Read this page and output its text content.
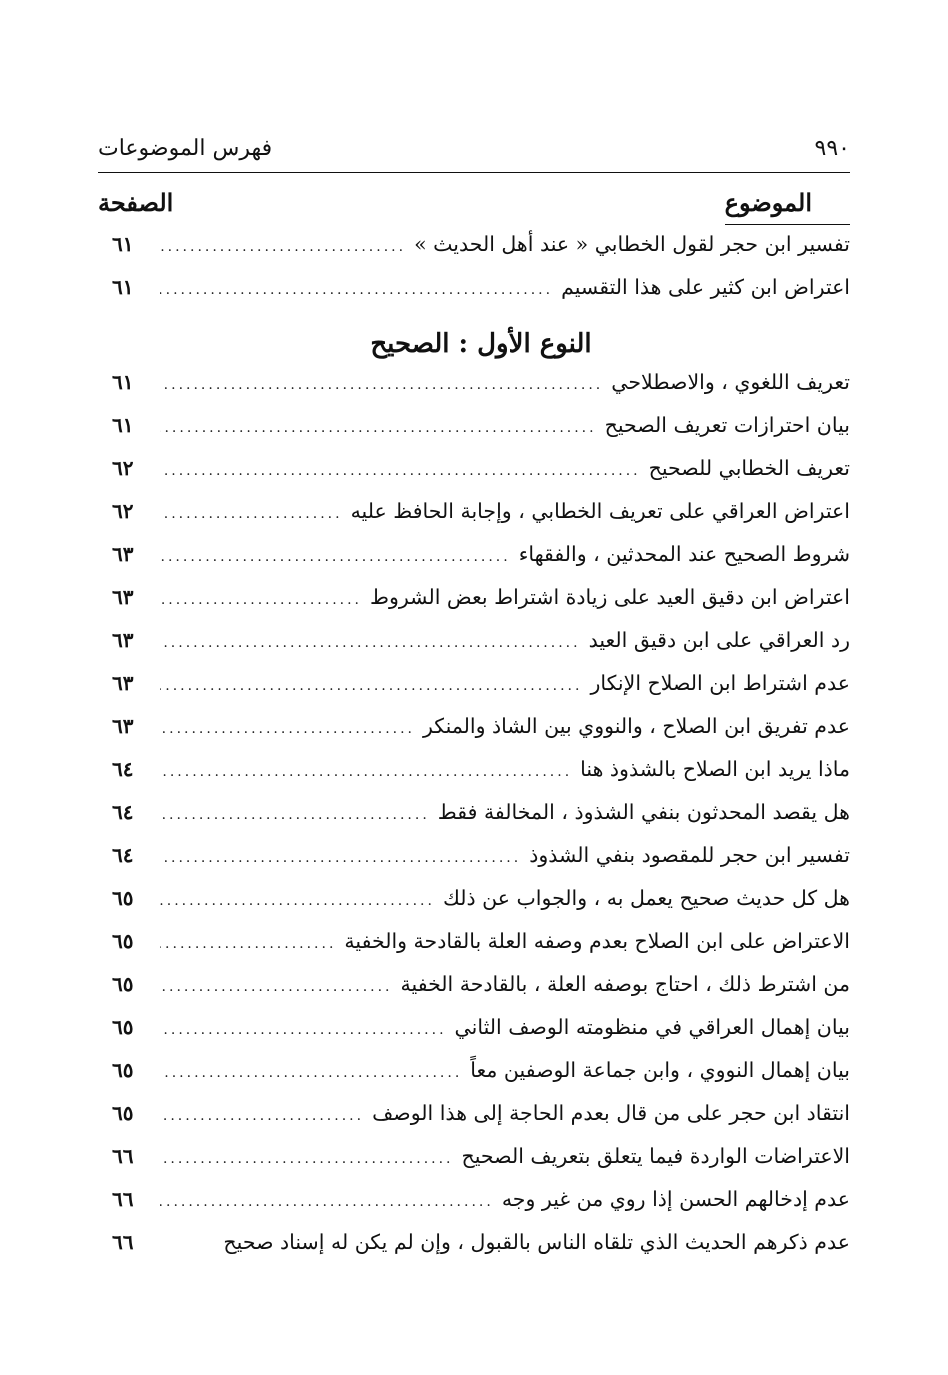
٩٩٠
فهرس الموضوعات
الموضوع
الصفحة
تفسير ابن حجر لقول الخطابي « عند أهل الحديث »
.....
٦١
اعتراض ابن كثير على هذا التقسيم
.....
٦١
النوع الأول : الصحيح
تعريف اللغوي ، والاصطلاحي
.....
٦١
بيان احترازات تعريف الصحيح
.....
٦١
تعريف الخطابي للصحيح
.....
٦٢
اعتراض العراقي على تعريف الخطابي ، وإجابة الحافظ عليه
.....
٦٢
شروط الصحيح عند المحدثين ، والفقهاء
.....
٦٣
اعتراض ابن دقيق العيد على زيادة اشتراط بعض الشروط
.....
٦٣
رد العراقي على ابن دقيق العيد
.....
٦٣
عدم اشتراط ابن الصلاح الإنكار
.....
٦٣
عدم تفريق ابن الصلاح ، والنووي بين الشاذ والمنكر
.....
٦٣
ماذا يريد ابن الصلاح بالشذوذ هنا
.....
٦٤
هل يقصد المحدثون بنفي الشذوذ ، المخالفة فقط
.....
٦٤
تفسير ابن حجر للمقصود بنفي الشذوذ
.....
٦٤
هل كل حديث صحيح يعمل به ، والجواب عن ذلك
.....
٦٥
الاعتراض على ابن الصلاح بعدم وصفه العلة بالقادحة والخفية
.....
٦٥
من اشترط ذلك ، احتاج بوصفه العلة ، بالقادحة الخفية
.....
٦٥
بيان إهمال العراقي في منظومته الوصف الثاني
.....
٦٥
بيان إهمال النووي ، وابن جماعة الوصفين معاً
.....
٦٥
انتقاد ابن حجر على من قال بعدم الحاجة إلى هذا الوصف
.....
٦٥
الاعتراضات الواردة فيما يتعلق بتعريف الصحيح
.....
٦٦
عدم إدخالهم الحسن إذا روي من غير وجه
.....
٦٦
عدم ذكرهم الحديث الذي تلقاه الناس بالقبول ، وإن لم يكن له إسناد صحيح
٦٦
